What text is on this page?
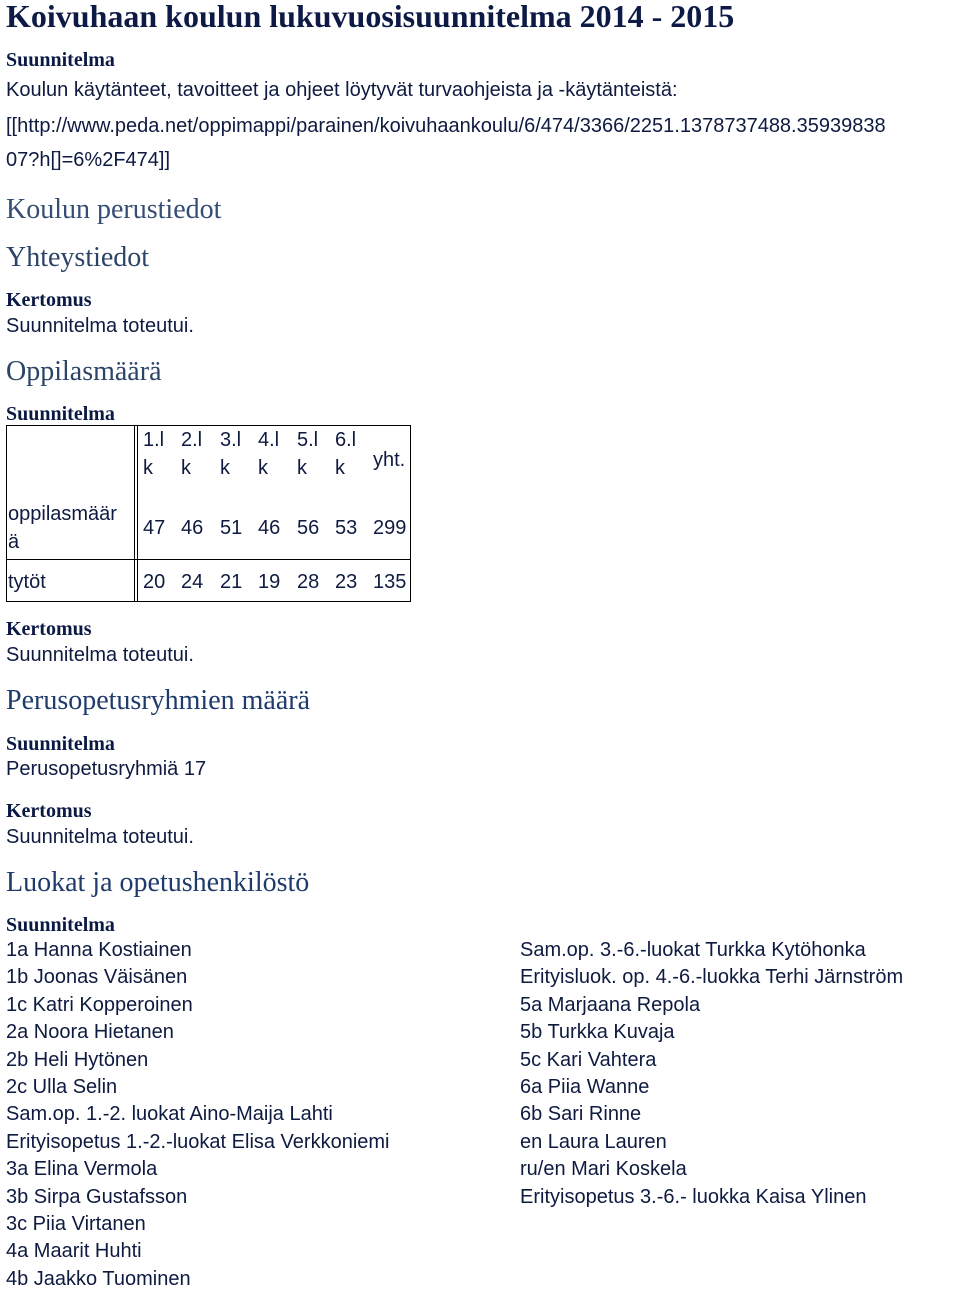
Koivuhaan koulun lukuvuosisuunnitelma 2014 - 2015
Suunnitelma
Koulun käytänteet, tavoitteet ja ohjeet löytyvät turvaohjeista ja -käytänteistä:
[[http://www.peda.net/oppimappi/parainen/koivuhaankoulu/6/474/3366/2251.1378737488.35939838
07?h[]=6%2F474]]
Koulun perustiedot
Yhteystiedot
Kertomus
Suunnitelma toteutui.
Oppilasmäärä
Suunnitelma
1.l
k
2.l
k
3.l
k
4.l
k
5.l
k
6.l
k	yht.
oppilasmäär
ä
47 46 51 46 56 53 299
tytöt	20 24 21 19 28 23 135
Kertomus
Suunnitelma toteutui.
Perusopetusryhmien määrä
Suunnitelma
Perusopetusryhmiä 17
Kertomus
Suunnitelma toteutui.
Luokat ja opetushenkilöstö
Suunnitelma
1a Hanna Kostiainen
1b Joonas Väisänen
1c Katri Kopperoinen
2a Noora Hietanen
2b Heli Hytönen
2c Ulla Selin
Sam.op. 1.-2. luokat Aino-Maija Lahti
Erityisopetus 1.-2.-luokat Elisa Verkkoniemi
3a Elina Vermola
3b Sirpa Gustafsson
3c Piia Virtanen
4a Maarit Huhti
4b Jaakko Tuominen
Sam.op. 3.-6.-luokat Turkka Kytöhonka
Erityisluok. op. 4.-6.-luokka Terhi Järnström
5a Marjaana Repola
5b Turkka Kuvaja
5c Kari Vahtera
6a Piia Wanne
6b Sari Rinne
en Laura Lauren
ru/en Mari Koskela
Erityisopetus 3.-6.- luokka Kaisa Ylinen
